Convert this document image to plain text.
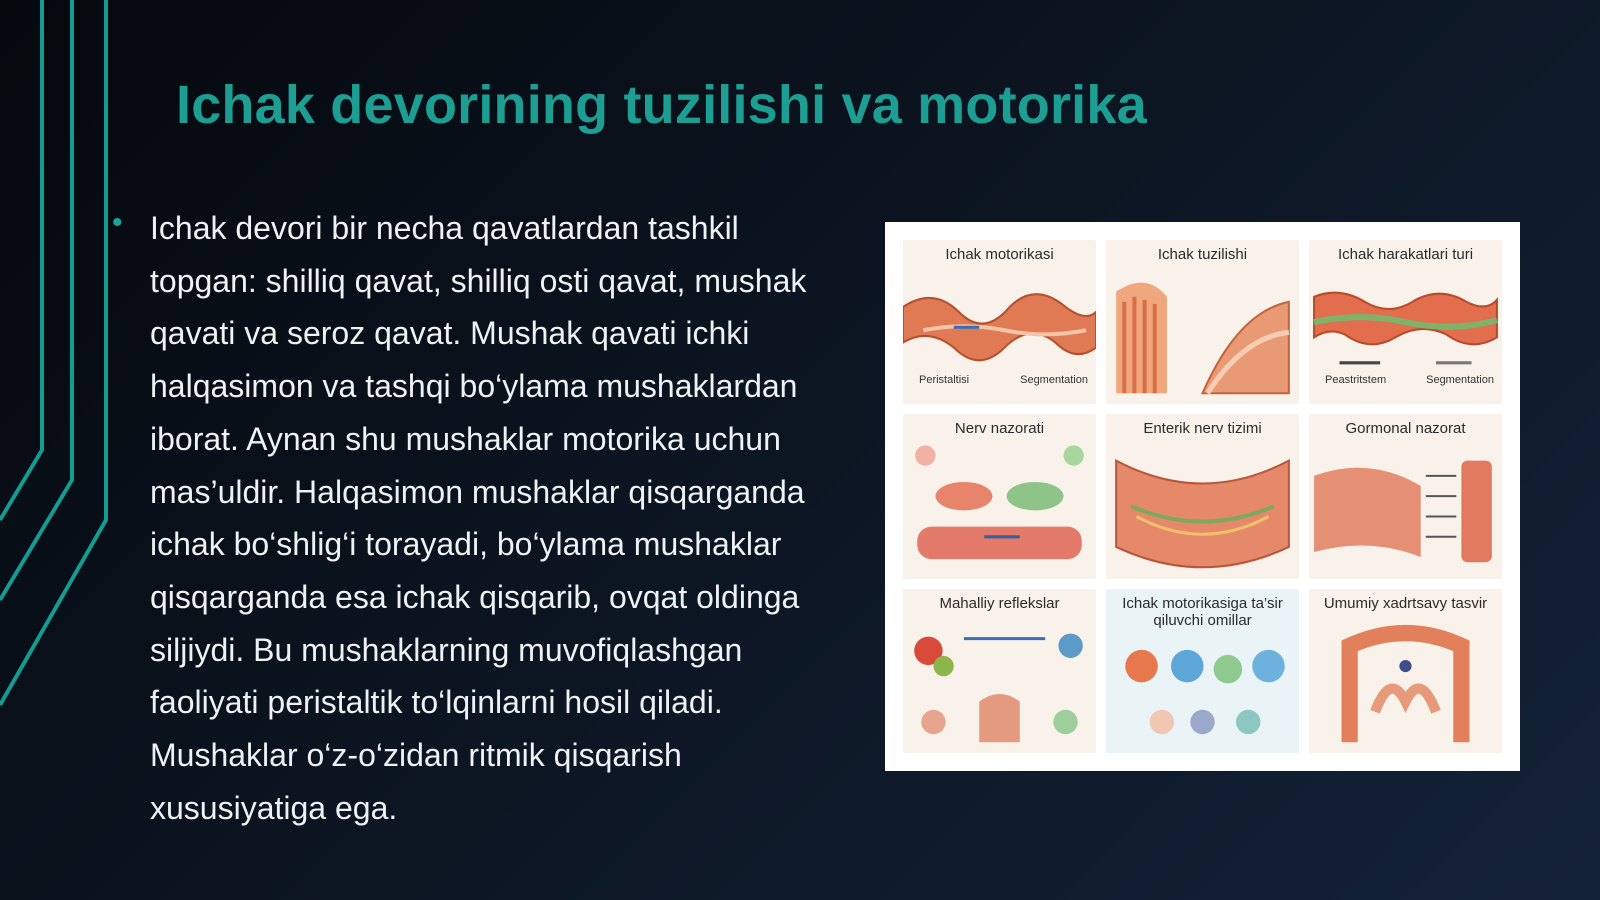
Ichak devorining tuzilishi va motorika
• Ichak devori bir necha qavatlardan tashkil topgan: shilliq qavat, shilliq osti qavat, mushak qavati va seroz qavat. Mushak qavati ichki halqasimon va tashqi bo‘ylama mushaklardan iborat. Aynan shu mushaklar motorika uchun mas’uldir. Halqasimon mushaklar qisqarganda ichak bo‘shlig‘i torayadi, bo‘ylama mushaklar qisqarganda esa ichak qisqarib, ovqat oldinga siljiydi. Bu mushaklarning muvofiqlashgan faoliyati peristaltik to‘lqinlarni hosil qiladi. Mushaklar o‘z-o‘zidan ritmik qisqarish xususiyatiga ega.

Ichak motorikasi
Peristaltisi	Segmentation
Ichak tuzilishi	Ichak harakatlari turi
Peastritstem	Segmentation
Nerv nazorati	Enterik nerv tizimi	Gormonal nazorat
Mahalliy reflekslar	Ichak motorikasiga ta’sir qiluvchi omillar
Umumiy xadrtsavy tasvir
